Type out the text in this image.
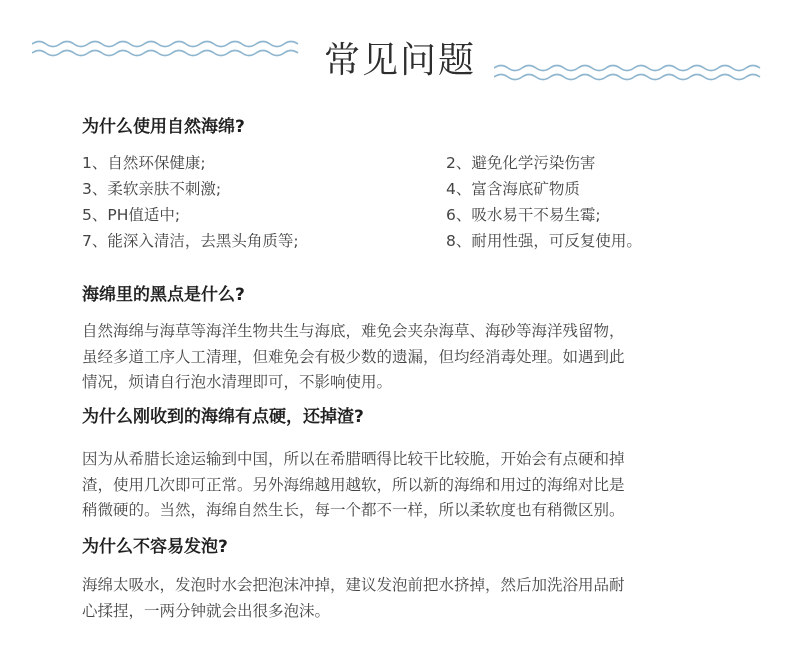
常见问题
为什么使用自然海绵?
1、自然环保健康;	2、避免化学污染伤害
3、柔软亲肤不刺激;	4、富含海底矿物质
5、PH值适中;	6、吸水易干不易生霉;
7、能深入清洁，去黑头角质等;	8、耐用性强，可反复使用。
海绵里的黑点是什么?
自然海绵与海草等海洋生物共生与海底，难免会夹杂海草、海砂等海洋残留物，
虽经多道工序人工清理，但难免会有极少数的遗漏，但均经消毒处理。如遇到此
情况，烦请自行泡水清理即可，不影响使用。
为什么刚收到的海绵有点硬，还掉渣?
因为从希腊长途运输到中国，所以在希腊晒得比较干比较脆，开始会有点硬和掉
渣，使用几次即可正常。另外海绵越用越软，所以新的海绵和用过的海绵对比是
稍微硬的。当然，海绵自然生长，每一个都不一样，所以柔软度也有稍微区别。
为什么不容易发泡?
海绵太吸水，发泡时水会把泡沫冲掉，建议发泡前把水挤掉，然后加洗浴用品耐
心揉捏，一两分钟就会出很多泡沫。
